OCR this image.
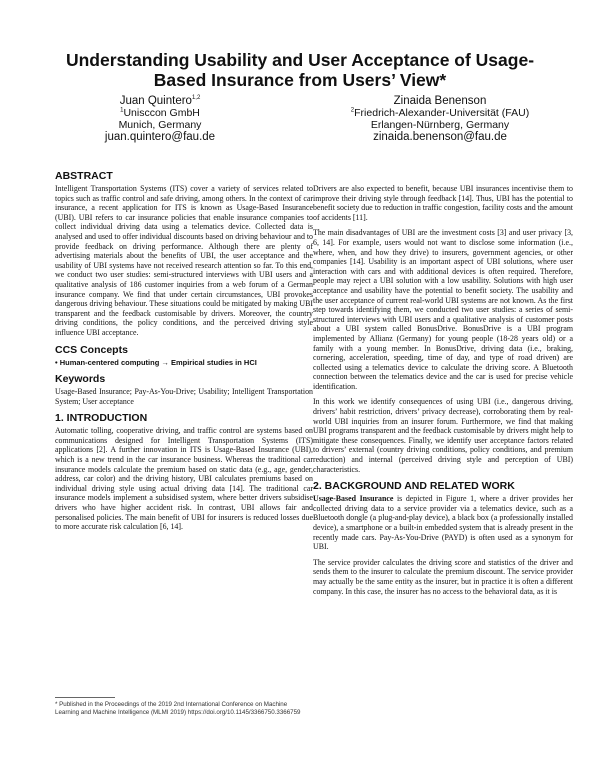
Understanding Usability and User Acceptance of Usage-Based Insurance from Users’ View*
Juan Quintero$^{1,2}$
$^1$Unisccon GmbH
Munich, Germany
juan.quintero@fau.de
Zinaida Benenson
$^2$Friedrich-Alexander-Universität (FAU)
Erlangen-Nürnberg, Germany
zinaida.benenson@fau.de
ABSTRACT

Intelligent Transportation Systems (ITS) cover a variety of services related to topics such as traffic control and safe driving, among others. In the context of car insurance, a recent application for ITS is known as Usage-Based Insurance (UBI). UBI refers to car insurance policies that enable insurance companies to collect individual driving data using a telematics device. Collected data is analysed and used to offer individual discounts based on driving behaviour and to provide feedback on driving performance. Although there are plenty of advertising materials about the benefits of UBI, the user acceptance and the usability of UBI systems have not received research attention so far. To this end, we conduct two user studies: semi-structured interviews with UBI users and a qualitative analysis of 186 customer inquiries from a web forum of a German insurance company. We find that under certain circumstances, UBI provokes dangerous driving behaviour. These situations could be mitigated by making UBI transparent and the feedback customisable by drivers. Moreover, the country driving conditions, the policy conditions, and the perceived driving style influence UBI acceptance.

CCS Concepts

• Human-centered computing → Empirical studies in HCI

Keywords

Usage-Based Insurance; Pay-As-You-Drive; Usability; Intelligent Transportation System; User acceptance

1. INTRODUCTION

Automatic tolling, cooperative driving, and traffic control are systems based on communications designed for Intelligent Transportation Systems (ITS) applications [2]. A further innovation in ITS is Usage-Based Insurance (UBI), which is a new trend in the car insurance business. Whereas the traditional car insurance models calculate the premium based on static data (e.g., age, gender, address, car color) and the driving history, UBI calculates premiums based on individual driving style using actual driving data [14]. The traditional car insurance models implement a subsidised system, where better drivers subsidise drivers who have higher accident risk. In contrast, UBI allows fair and personalised policies. The main benefit of UBI for insurers is reduced losses due to more accurate risk calculation [6, 14].

* Published in the Proceedings of the 2019 2nd International Conference on Machine Learning and Machine Intelligence (MLMI 2019) https://doi.org/10.1145/3366750.3366759

Drivers are also expected to benefit, because UBI insurances incentivise them to improve their driving style through feedback [14]. Thus, UBI has the potential to benefit society due to reduction in traffic congestion, facility costs and the amount of accidents [11].

The main disadvantages of UBI are the investment costs [3] and user privacy [3, 6, 14]. For example, users would not want to disclose some information (i.e., where, when, and how they drive) to insurers, government agencies, or other companies [14]. Usability is an important aspect of UBI solutions, where user interaction with cars and with additional devices is often required. Therefore, people may reject a UBI solution with a low usability. Solutions with high user acceptance and usability have the potential to benefit society. The usability and the user acceptance of current real-world UBI systems are not known. As the first step towards identifying them, we conducted two user studies: a series of semi-structured interviews with UBI users and a qualitative analysis of customer posts about a UBI system called BonusDrive. BonusDrive is a UBI program implemented by Allianz (Germany) for young people (18-28 years old) or a family with a young member. In BonusDrive, driving data (i.e., braking, cornering, acceleration, speeding, time of day, and type of road driven) are collected using a telematics device to calculate the driving score. A Bluetooth connection between the telematics device and the car is used for precise vehicle identification.

In this work we identify consequences of using UBI (i.e., dangerous driving, drivers’ habit restriction, drivers’ privacy decrease), corroborating them by real-world UBI inquiries from an insurer forum. Furthermore, we find that making UBI programs transparent and the feedback customisable by drivers might help to mitigate these consequences. Finally, we identify user acceptance factors related to drivers’ external (country driving conditions, policy conditions, and premium reduction) and internal (perceived driving style and perception of UBI) characteristics.

2. BACKGROUND AND RELATED WORK

Usage-Based Insurance is depicted in Figure 1, where a driver provides her collected driving data to a service provider via a telematics device, such as a Bluetooth dongle (a plug-and-play device), a black box (a professionally installed device), a smartphone or a built-in embedded system that is already present in the recently made cars. Pay-As-You-Drive (PAYD) is often used as a synonym for UBI.

The service provider calculates the driving score and statistics of the driver and sends them to the insurer to calculate the premium discount. The service provider may actually be the same entity as the insurer, but in practice it is often a different company. In this case, the insurer has no access to the behavioral data, as it is
